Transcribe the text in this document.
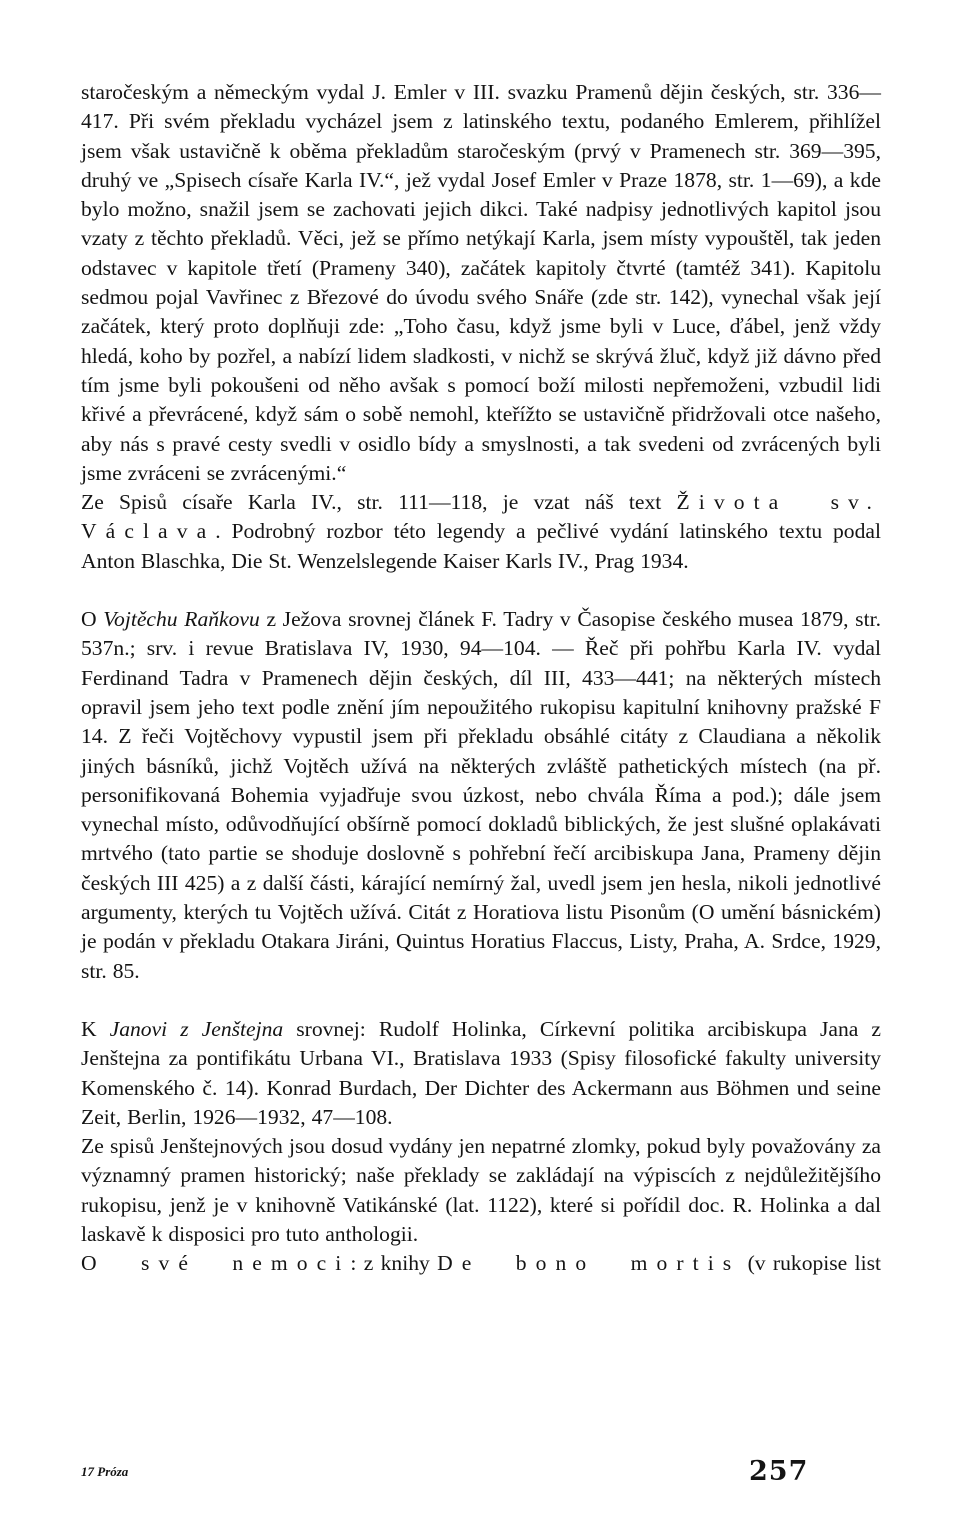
staročeským a německým vydal J. Emler v III. svazku Pramenů dějin českých, str. 336—417. Při svém překladu vycházel jsem z latinského textu, podaného Emlerem, přihlížel jsem však ustavičně k oběma překladům staročeským (prvý v Pramenech str. 369—395, druhý ve „Spisech císaře Karla IV.“, jež vydal Josef Emler v Praze 1878, str. 1—69), a kde bylo možno, snažil jsem se zachovati jejich dikci. Také nadpisy jednotlivých kapitol jsou vzaty z těchto překladů. Věci, jež se přímo netýkají Karla, jsem místy vypouštěl, tak jeden odstavec v kapitole třetí (Prameny 340), začátek kapitoly čtvrté (tamtéž 341). Kapitolu sedmou pojal Vavřinec z Březové do úvodu svého Snáře (zde str. 142), vynechal však její začátek, který proto doplňuji zde: „Toho času, když jsme byli v Luce, ďábel, jenž vždy hledá, koho by pozřel, a nabízí lidem sladkosti, v nichž se skrývá žluč, když již dávno před tím jsme byli pokoušeni od něho avšak s pomocí boží milosti nepřemoženi, vzbudil lidi křivé a převrácené, když sám o sobě nemohl, kteřížto se ustavičně přidržovali otce našeho, aby nás s pravé cesty svedli v osidlo bídy a smyslnosti, a tak svedeni od zvrácených byli jsme zvráceni se zvrácenými.“

Ze Spisů císaře Karla IV., str. 111—118, je vzat náš text Života sv. Václava. Podrobný rozbor této legendy a pečlivé vydání latinského textu podal Anton Blaschka, Die St. Wenzelslegende Kaiser Karls IV., Prag 1934.

O Vojtěchu Raňkovu z Ježova srovnej článek F. Tadry v Časopise českého musea 1879, str. 537n.; srv. i revue Bratislava IV, 1930, 94—104. — Řeč při pohřbu Karla IV. vydal Ferdinand Tadra v Pramenech dějin českých, díl III, 433—441; na některých místech opravil jsem jeho text podle znění jím nepoužitého rukopisu kapitulní knihovny pražské F 14. Z řeči Vojtěchovy vypustil jsem při překladu obsáhlé citáty z Claudiana a několik jiných básníků, jichž Vojtěch užívá na některých zvláště pathetických místech (na př. personifikovaná Bohemia vyjadřuje svou úzkost, nebo chvála Říma a pod.); dále jsem vynechal místo, odůvodňující obšírně pomocí dokladů biblických, že jest slušné oplakávati mrtvého (tato partie se shoduje doslovně s pohřební řečí arcibiskupa Jana, Prameny dějin českých III 425) a z další části, kárající nemírný žal, uvedl jsem jen hesla, nikoli jednotlivé argumenty, kterých tu Vojtěch užívá. Citát z Horatiova listu Pisonům (O umění básnickém) je podán v překladu Otakara Jiráni, Quintus Horatius Flaccus, Listy, Praha, A. Srdce, 1929, str. 85.

K Janovi z Jenštejna srovnej: Rudolf Holinka, Církevní politika arcibiskupa Jana z Jenštejna za pontifikátu Urbana VI., Bratislava 1933 (Spisy filosofické fakulty university Komenského č. 14). Konrad Burdach, Der Dichter des Ackermann aus Böhmen und seine Zeit, Berlin, 1926—1932, 47—108.

Ze spisů Jenštejnových jsou dosud vydány jen nepatrné zlomky, pokud byly považovány za významný pramen historický; naše překlady se zakládají na výpiscích z nejdůležitějšího rukopisu, jenž je v knihovně Vatikánské (lat. 1122), které si pořídil doc. R. Holinka a dal laskavě k disposici pro tuto anthologii.

O své nemoci: z knihy De bono mortis (v rukopise list

17 Próza	257
